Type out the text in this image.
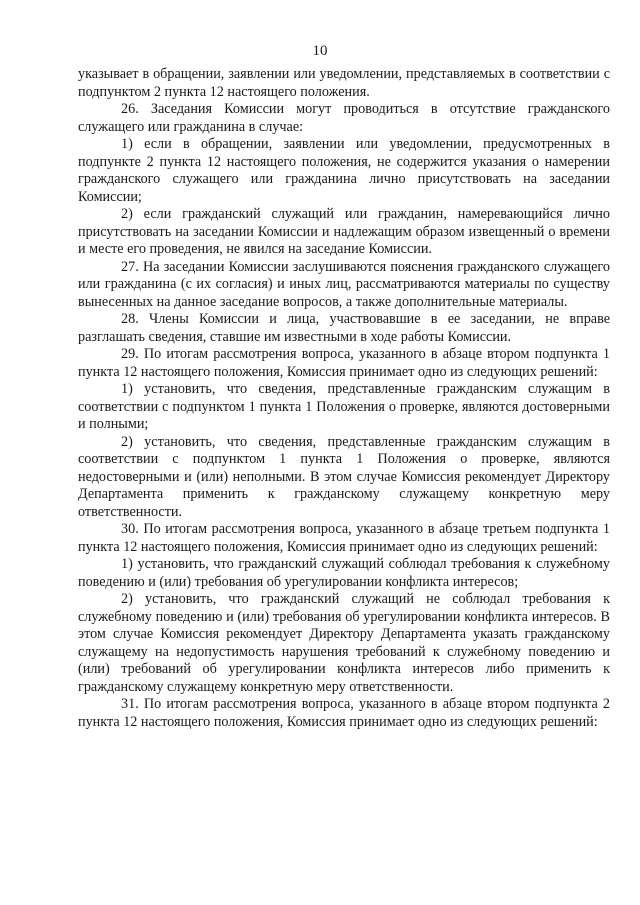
10

указывает в обращении, заявлении или уведомлении, представляемых в соответствии с подпунктом 2 пункта 12 настоящего положения.

26. Заседания Комиссии могут проводиться в отсутствие гражданского служащего или гражданина в случае:

1) если в обращении, заявлении или уведомлении, предусмотренных в подпункте 2 пункта 12 настоящего положения, не содержится указания о намерении гражданского служащего или гражданина лично присутствовать на заседании Комиссии;

2) если гражданский служащий или гражданин, намеревающийся лично присутствовать на заседании Комиссии и надлежащим образом извещенный о времени и месте его проведения, не явился на заседание Комиссии.

27. На заседании Комиссии заслушиваются пояснения гражданского служащего или гражданина (с их согласия) и иных лиц, рассматриваются материалы по существу вынесенных на данное заседание вопросов, а также дополнительные материалы.

28. Члены Комиссии и лица, участвовавшие в ее заседании, не вправе разглашать сведения, ставшие им известными в ходе работы Комиссии.

29. По итогам рассмотрения вопроса, указанного в абзаце втором подпункта 1 пункта 12 настоящего положения, Комиссия принимает одно из следующих решений:

1) установить, что сведения, представленные гражданским служащим в соответствии с подпунктом 1 пункта 1 Положения о проверке, являются достоверными и полными;

2) установить, что сведения, представленные гражданским служащим в соответствии с подпунктом 1 пункта 1 Положения о проверке, являются недостоверными и (или) неполными. В этом случае Комиссия рекомендует Директору Департамента применить к гражданскому служащему конкретную меру ответственности.

30. По итогам рассмотрения вопроса, указанного в абзаце третьем подпункта 1 пункта 12 настоящего положения, Комиссия принимает одно из следующих решений:

1) установить, что гражданский служащий соблюдал требования к служебному поведению и (или) требования об урегулировании конфликта интересов;

2) установить, что гражданский служащий не соблюдал требования к служебному поведению и (или) требования об урегулировании конфликта интересов. В этом случае Комиссия рекомендует Директору Департамента указать гражданскому служащему на недопустимость нарушения требований к служебному поведению и (или) требований об урегулировании конфликта интересов либо применить к гражданскому служащему конкретную меру ответственности.

31. По итогам рассмотрения вопроса, указанного в абзаце втором подпункта 2 пункта 12 настоящего положения, Комиссия принимает одно из следующих решений:
